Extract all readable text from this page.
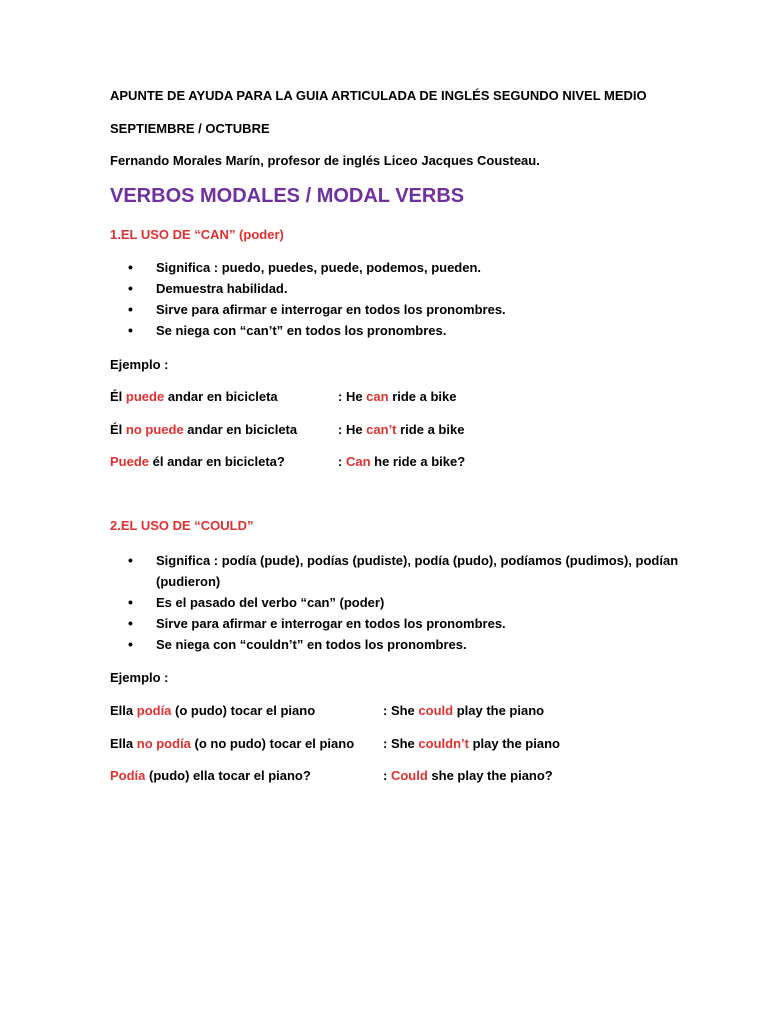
APUNTE DE AYUDA PARA LA GUIA ARTICULADA DE INGLÉS SEGUNDO NIVEL MEDIO
SEPTIEMBRE / OCTUBRE
Fernando Morales Marín, profesor de inglés Liceo Jacques Cousteau.
VERBOS MODALES / MODAL VERBS
1.EL USO DE “CAN” (poder)
• Significa : puedo, puedes, puede, podemos, pueden.
• Demuestra habilidad.
• Sirve para afirmar e interrogar en todos los pronombres.
• Se niega con “can’t” en todos los pronombres.
Ejemplo :
Él puede andar en bicicleta	: He can ride a bike
Él no puede andar en bicicleta	: He can’t ride a bike
Puede él andar en bicicleta?	: Can he ride a bike?
2.EL USO DE “COULD”
• Significa : podía (pude), podías (pudiste), podía (pudo), podíamos (pudimos), podían (pudieron)
• Es el pasado del verbo “can” (poder)
• Sirve para afirmar e interrogar en todos los pronombres.
• Se niega con “couldn’t” en todos los pronombres.
Ejemplo :
Ella podía (o pudo) tocar el piano	: She could play the piano
Ella no podía (o no pudo) tocar el piano : She couldn’t play the piano
Podía (pudo) ella tocar el piano?	: Could she play the piano?
